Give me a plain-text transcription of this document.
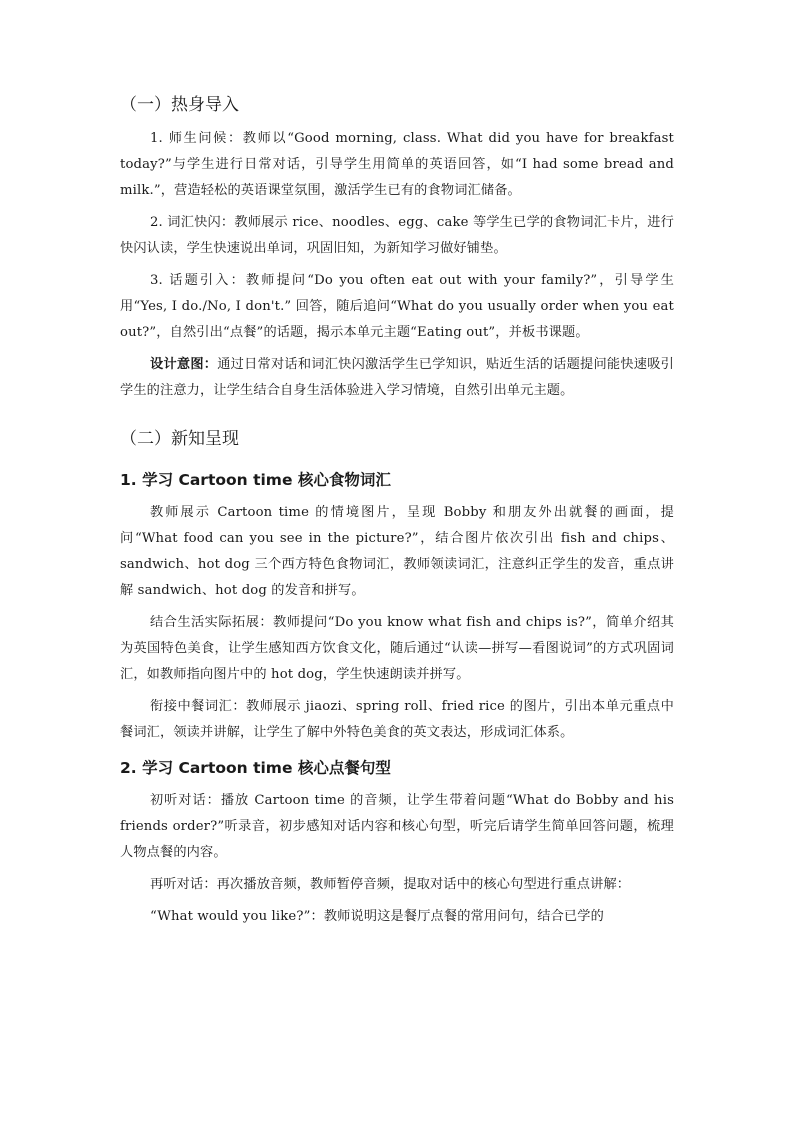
（一）热身导入

1. 师生问候：教师以“Good morning, class. What did you have for breakfast today?”与学生进行日常对话，引导学生用简单的英语回答，如“I had some bread and milk.”，营造轻松的英语课堂氛围，激活学生已有的食物词汇储备。

2. 词汇快闪：教师展示 rice、noodles、egg、cake 等学生已学的食物词汇卡片，进行快闪认读，学生快速说出单词，巩固旧知，为新知学习做好铺垫。

3. 话题引入：教师提问“Do you often eat out with your family?”，引导学生用“Yes, I do./No, I don't.” 回答，随后追问“What do you usually order when you eat out?”，自然引出“点餐”的话题，揭示本单元主题“Eating out”，并板书课题。

设计意图：通过日常对话和词汇快闪激活学生已学知识，贴近生活的话题提问能快速吸引学生的注意力，让学生结合自身生活体验进入学习情境，自然引出单元主题。

（二）新知呈现
1. 学习 Cartoon time 核心食物词汇

教师展示 Cartoon time 的情境图片，呈现 Bobby 和朋友外出就餐的画面，提问“What food can you see in the picture?”，结合图片依次引出 fish and chips、sandwich、hot dog 三个西方特色食物词汇，教师领读词汇，注意纠正学生的发音，重点讲解 sandwich、hot dog 的发音和拼写。

结合生活实际拓展：教师提问“Do you know what fish and chips is?”，简单介绍其为英国特色美食，让学生感知西方饮食文化，随后通过“认读—拼写—看图说词”的方式巩固词汇，如教师指向图片中的 hot dog，学生快速朗读并拼写。

衔接中餐词汇：教师展示 jiaozi、spring roll、fried rice 的图片，引出本单元重点中餐词汇，领读并讲解，让学生了解中外特色美食的英文表达，形成词汇体系。

2. 学习 Cartoon time 核心点餐句型

初听对话：播放 Cartoon time 的音频，让学生带着问题“What do Bobby and his friends order?”听录音，初步感知对话内容和核心句型，听完后请学生简单回答问题，梳理人物点餐的内容。

再听对话：再次播放音频，教师暂停音频，提取对话中的核心句型进行重点讲解：

“What would you like?”：教师说明这是餐厅点餐的常用问句，结合已学的
